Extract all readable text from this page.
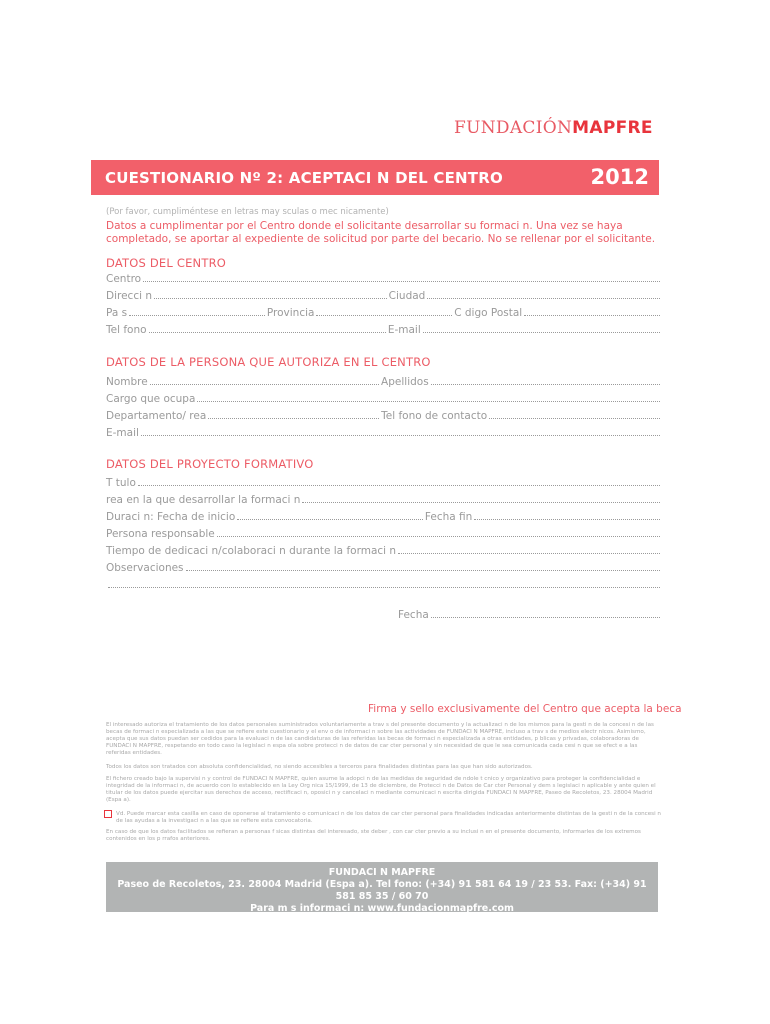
FUNDACIÓNMAPFRE
CUESTIONARIO Nº 2: ACEPTACI N DEL CENTRO	2012
(Por favor, cumpliméntese en letras may sculas o mec nicamente)
Datos a cumplimentar por el Centro donde el solicitante desarrollar su formaci n. Una vez se haya completado, se aportar al expediente de solicitud por parte del becario. No se rellenar por el solicitante.
DATOS DEL CENTRO
Centro
Direcci n	Ciudad
Pa s	Provincia	C digo Postal
Tel fono	E-mail
DATOS DE LA PERSONA QUE AUTORIZA EN EL CENTRO
Nombre	Apellidos
Cargo que ocupa
Departamento/ rea	Tel fono de contacto
E-mail
DATOS DEL PROYECTO FORMATIVO
T tulo
rea en la que desarrollar la formaci n
Duraci n: Fecha de inicio	Fecha fin
Persona responsable
Tiempo de dedicaci n/colaboraci n durante la formaci n
Observaciones
Fecha
Firma y sello exclusivamente del Centro que acepta la beca
El interesado autoriza el tratamiento de los datos personales suministrados voluntariamente a trav s del presente documento y la actualizaci n de los mismos para la gesti n de la concesi n de las becas de formaci n especializada a las que se refiere este cuestionario y el env o de informaci n sobre las actividades de FUNDACI N MAPFRE, incluso a trav s de medios electr nicos. Asimismo, acepta que sus datos puedan ser cedidos para la evaluaci n de las candidaturas de las referidas las becas de formaci n especializada a otras entidades, p blicas y privadas, colaboradoras de FUNDACI N MAPFRE, respetando en todo caso la legislaci n espa ola sobre protecci n de datos de car cter personal y sin necesidad de que le sea comunicada cada cesi n que se efect e a las referidas entidades.
Todos los datos son tratados con absoluta confidencialidad, no siendo accesibles a terceros para finalidades distintas para las que han sido autorizados.
El fichero creado bajo la supervisi n y control de FUNDACI N MAPFRE, quien asume la adopci n de las medidas de seguridad de ndole t cnico y organizativo para proteger la confidencialidad e integridad de la informaci n, de acuerdo con lo establecido en la Ley Org nica 15/1999, de 13 de diciembre, de Protecci n de Datos de Car cter Personal y dem s legislaci n aplicable y ante quien el titular de los datos puede ejercitar sus derechos de acceso, rectificaci n, oposici n y cancelaci n mediante comunicaci n escrita dirigida FUNDACI N MAPFRE, Paseo de Recoletos, 23. 28004 Madrid (Espa a).
Vd. Puede marcar esta casilla en caso de oponerse al tratamiento o comunicaci n de los datos de car cter personal para finalidades indicadas anteriormente distintas de la gesti n de la concesi n de las ayudas a la investigaci n a las que se refiere esta convocatoria.
En caso de que los datos facilitados se refieran a personas f sicas distintas del interesado, ste deber , con car cter previo a su inclusi n en el presente documento, informarles de los extremos contenidos en los p rrafos anteriores.
FUNDACI N MAPFRE
Paseo de Recoletos, 23. 28004 Madrid (Espa a). Tel fono: (+34) 91 581 64 19 / 23 53. Fax: (+34) 91 581 85 35 / 60 70
Para m s informaci n: www.fundacionmapfre.com
